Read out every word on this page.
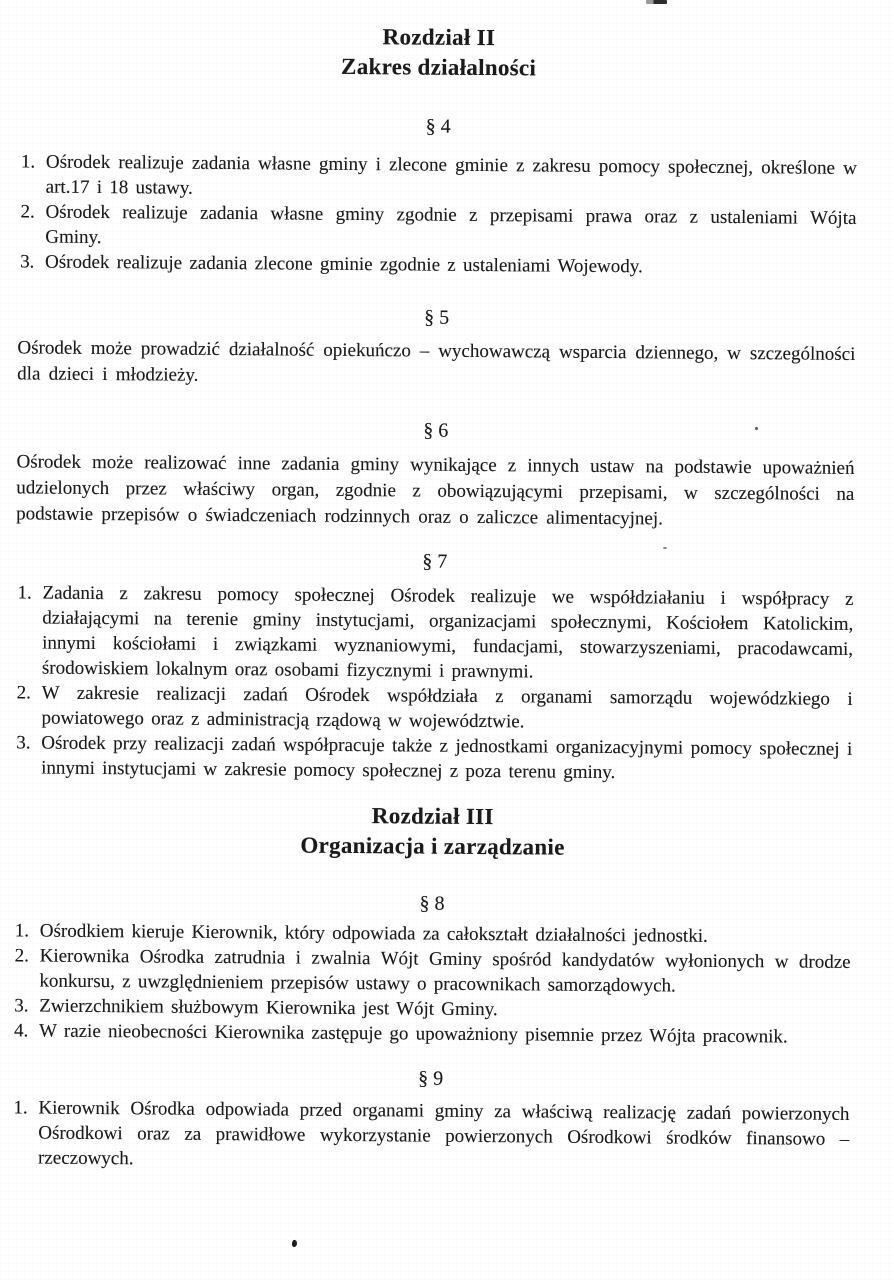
Rozdział II
Zakres działalności
§ 4
1. Ośrodek realizuje zadania własne gminy i zlecone gminie z zakresu pomocy społecznej, określone w art.17 i 18 ustawy.
2. Ośrodek realizuje zadania własne gminy zgodnie z przepisami prawa oraz z ustaleniami Wójta Gminy.
3. Ośrodek realizuje zadania zlecone gminie zgodnie z ustaleniami Wojewody.
§ 5

Ośrodek może prowadzić działalność opiekuńczo – wychowawczą wsparcia dziennego, w szczególności dla dzieci i młodzieży.

§ 6

Ośrodek może realizować inne zadania gminy wynikające z innych ustaw na podstawie upoważnień udzielonych przez właściwy organ, zgodnie z obowiązującymi przepisami, w szczególności na podstawie przepisów o świadczeniach rodzinnych oraz o zaliczce alimentacyjnej.

§ 7
1. Zadania z zakresu pomocy społecznej Ośrodek realizuje we współdziałaniu i współpracy z działającymi na terenie gminy instytucjami, organizacjami społecznymi, Kościołem Katolickim, innymi kościołami i związkami wyznaniowymi, fundacjami, stowarzyszeniami, pracodawcami, środowiskiem lokalnym oraz osobami fizycznymi i prawnymi.
2. W zakresie realizacji zadań Ośrodek współdziała z organami samorządu wojewódzkiego i powiatowego oraz z administracją rządową w województwie.
3. Ośrodek przy realizacji zadań współpracuje także z jednostkami organizacyjnymi pomocy społecznej i innymi instytucjami w zakresie pomocy społecznej z poza terenu gminy.
Rozdział III
Organizacja i zarządzanie
§ 8
1. Ośrodkiem kieruje Kierownik, który odpowiada za całokształt działalności jednostki.
2. Kierownika Ośrodka zatrudnia i zwalnia Wójt Gminy spośród kandydatów wyłonionych w drodze konkursu, z uwzględnieniem przepisów ustawy o pracownikach samorządowych.
3. Zwierzchnikiem służbowym Kierownika jest Wójt Gminy.
4. W razie nieobecności Kierownika zastępuje go upoważniony pisemnie przez Wójta pracownik.
§ 9
1. Kierownik Ośrodka odpowiada przed organami gminy za właściwą realizację zadań powierzonych Ośrodkowi oraz za prawidłowe wykorzystanie powierzonych Ośrodkowi środków finansowo – rzeczowych.
